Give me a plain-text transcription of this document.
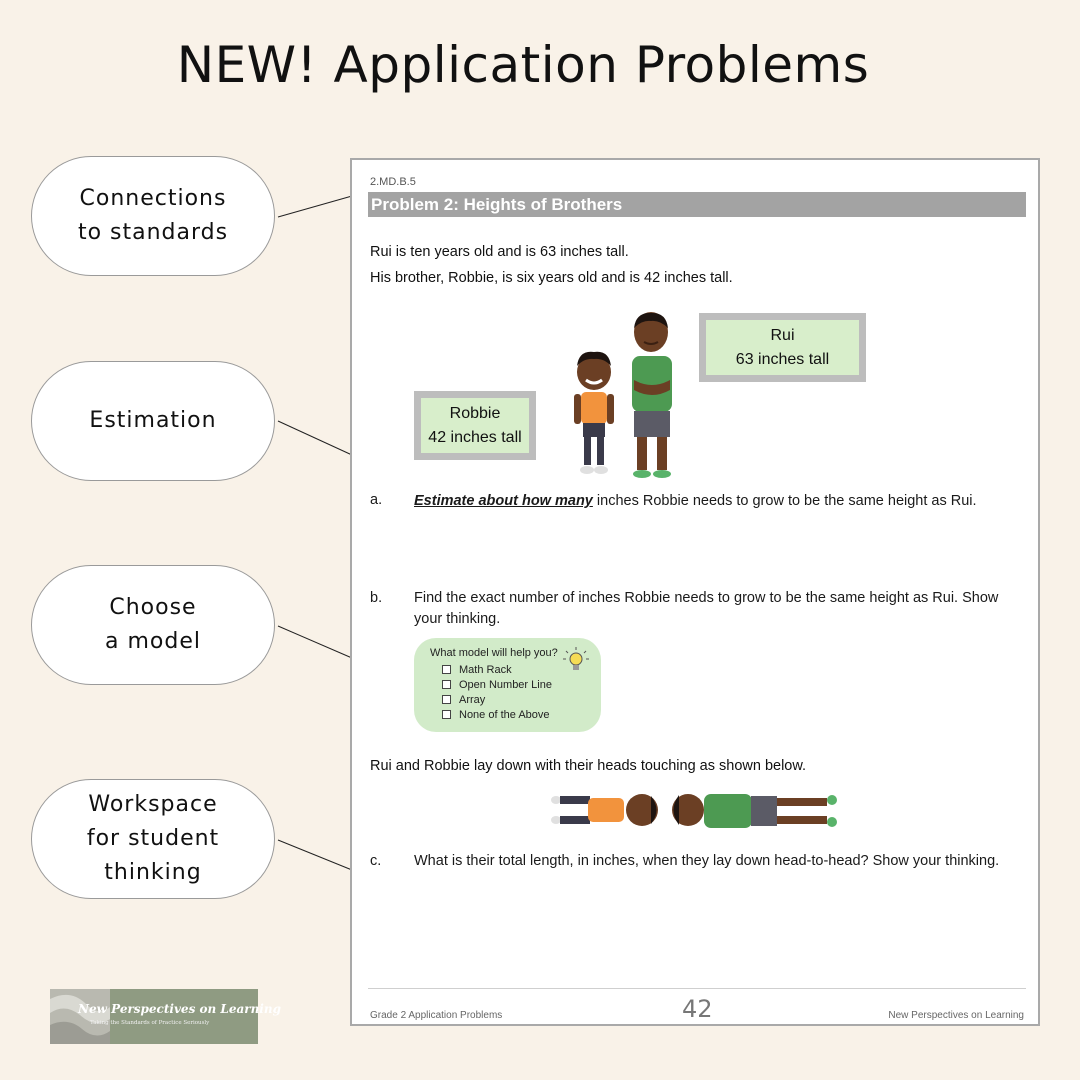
NEW! Application Problems
Connections
to standards
Estimation
Choose
a model
Workspace
for student
thinking
2.MD.B.5
Problem 2: Heights of Brothers
Rui is ten years old and is 63 inches tall.
His brother, Robbie, is six years old and is 42 inches tall.
Rui
63 inches tall
Robbie
42 inches tall
a. Estimate about how many inches Robbie needs to grow to be the same height as Rui.
b. Find the exact number of inches Robbie needs to grow to be the same height as Rui. Show your thinking.
What model will help you?
Math Rack
Open Number Line
Array
None of the Above
Rui and Robbie lay down with their heads touching as shown below.
c. What is their total length, in inches, when they lay down head-to-head? Show your thinking.
Grade 2 Application Problems	42	New Perspectives on Learning
New Perspectives on Learning
Taking the Standards of Practice Seriously
